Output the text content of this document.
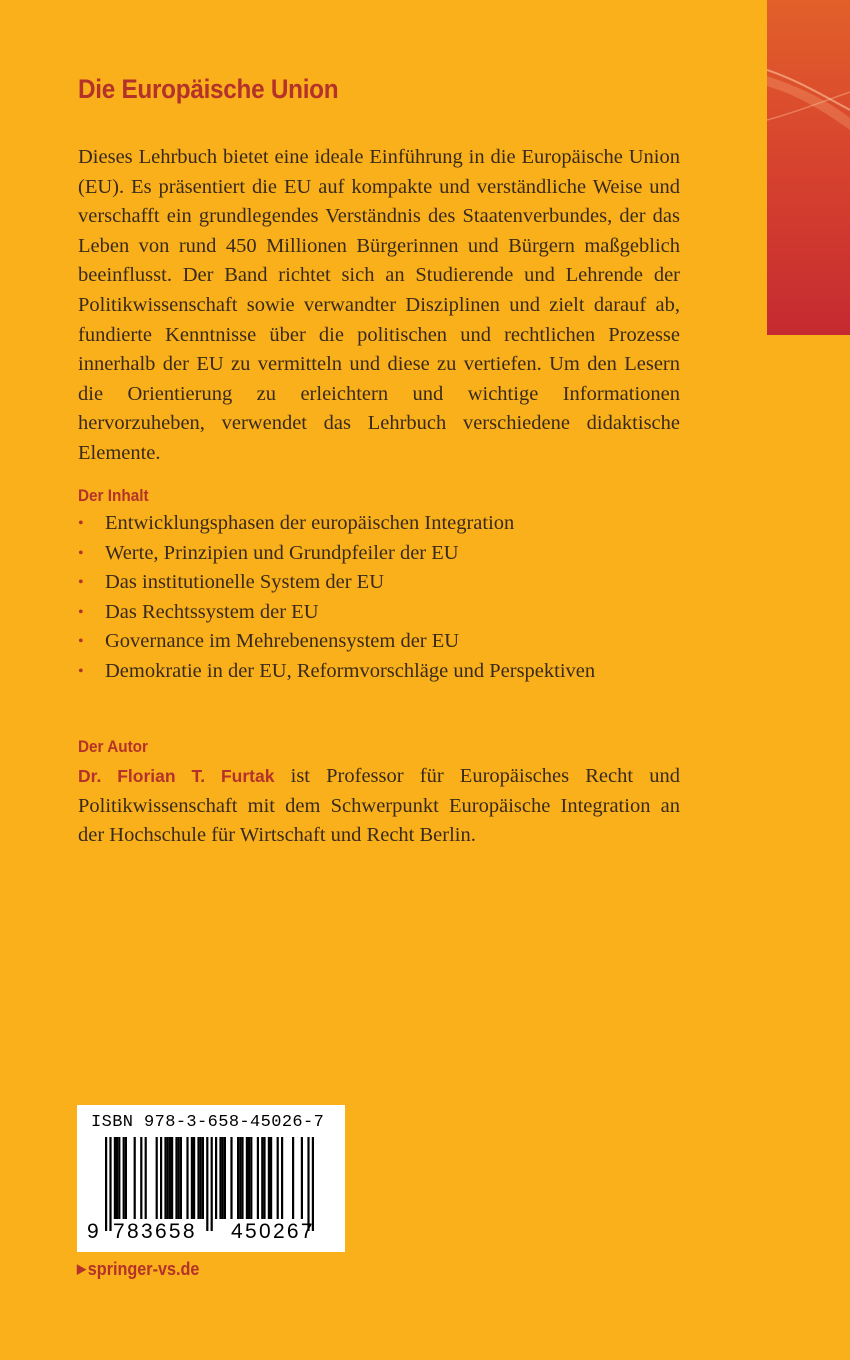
Die Europäische Union
Dieses Lehrbuch bietet eine ideale Einführung in die Europäische Union (EU). Es präsentiert die EU auf kompakte und verständliche Weise und verschafft ein grundlegendes Verständnis des Staatenverbundes, der das Leben von rund 450 Millionen Bürgerinnen und Bürgern maßgeblich beeinflusst. Der Band richtet sich an Studierende und Lehrende der Politikwissenschaft sowie verwandter Disziplinen und zielt darauf ab, fundierte Kenntnisse über die politischen und rechtlichen Prozesse innerhalb der EU zu vermitteln und diese zu vertiefen. Um den Lesern die Orientierung zu erleichtern und wichtige Informationen hervorzuheben, verwendet das Lehrbuch verschiedene didaktische Elemente.
Der Inhalt
• Entwicklungsphasen der europäischen Integration
• Werte, Prinzipien und Grundpfeiler der EU
• Das institutionelle System der EU
• Das Rechtssystem der EU
• Governance im Mehrebenensystem der EU
• Demokratie in der EU, Reformvorschläge und Perspektiven
Der Autor
Dr. Florian T. Furtak ist Professor für Europäisches Recht und Politikwissenschaft mit dem Schwerpunkt Europäische Integration an der Hochschule für Wirtschaft und Recht Berlin.
ISBN 978-3-658-45026-7
9 783658 450267
▶ springer-vs.de
